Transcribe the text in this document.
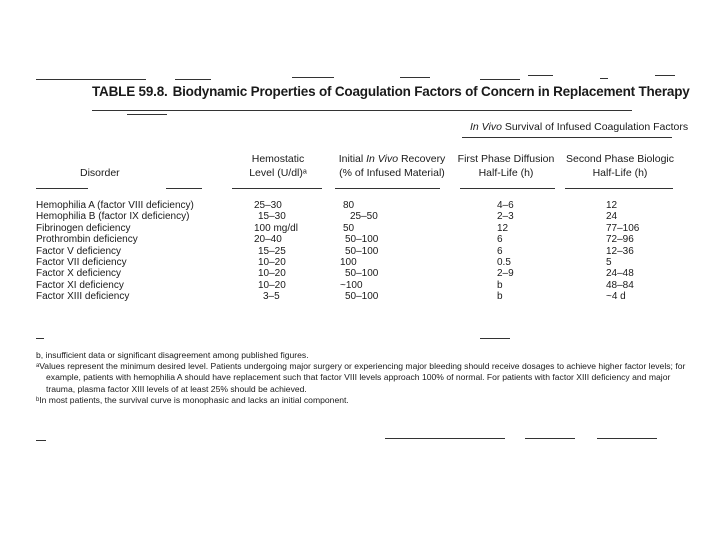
TABLE 59.8. Biodynamic Properties of Coagulation Factors of Concern in Replacement Therapy
In Vivo Survival of Infused Coagulation Factors
Disorder
Hemostatic
Level (U/dl)ᵃ
Initial In Vivo Recovery
(% of Infused Material)
First Phase Diffusion
Half-Life (h)
Second Phase Biologic
Half-Life (h)
Hemophilia A (factor VIII deficiency)	25–30	80	4–6	12
Hemophilia B (factor IX deficiency)	15–30	25–50	2–3	24
Fibrinogen deficiency	100 mg/dl	50	12	77–106
Prothrombin deficiency	20–40	50–100	6	72–96
Factor V deficiency	15–25	50–100	6	12–36
Factor VII deficiency	10–20	100	0.5	5
Factor X deficiency	10–20	50–100	2–9	24–48
Factor XI deficiency	10–20	~100	b	48–84
Factor XIII deficiency	3–5	50–100	b	~4 d
b, insufficient data or significant disagreement among published figures.
ᵃValues represent the minimum desired level. Patients undergoing major surgery or experiencing major bleeding should receive dosages to achieve higher factor levels; for
example, patients with hemophilia A should have replacement such that factor VIII levels approach 100% of normal. For patients with factor XIII deficiency and major
trauma, plasma factor XIII levels of at least 25% should be achieved.
ᵇIn most patients, the survival curve is monophasic and lacks an initial component.
